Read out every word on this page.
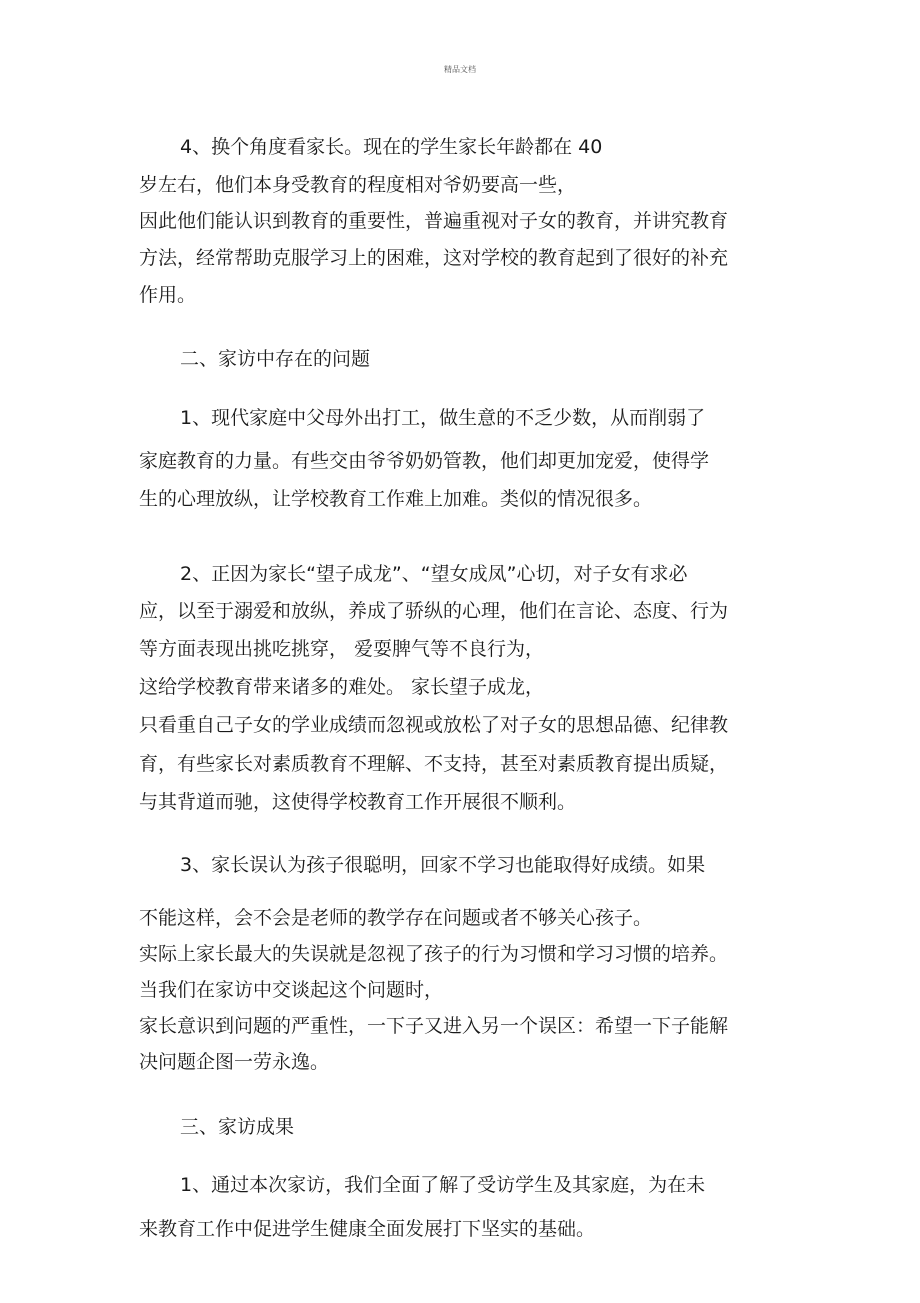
精品文档
4、换个角度看家长。现在的学生家长年龄都在 40
岁左右，他们本身受教育的程度相对爷奶要高一些，
因此他们能认识到教育的重要性，普遍重视对子女的教育，并讲究教育
方法，经常帮助克服学习上的困难，这对学校的教育起到了很好的补充
作用。
二、家访中存在的问题
1、现代家庭中父母外出打工，做生意的不乏少数，从而削弱了
家庭教育的力量。有些交由爷爷奶奶管教，他们却更加宠爱，使得学
生的心理放纵，让学校教育工作难上加难。类似的情况很多。
2、正因为家长“望子成龙”、“望女成凤”心切，对子女有求必
应，以至于溺爱和放纵，养成了骄纵的心理，他们在言论、态度、行为
等方面表现出挑吃挑穿， 爱耍脾气等不良行为，
这给学校教育带来诸多的难处。 家长望子成龙，
只看重自己子女的学业成绩而忽视或放松了对子女的思想品德、纪律教
育，有些家长对素质教育不理解、不支持，甚至对素质教育提出质疑，
与其背道而驰，这使得学校教育工作开展很不顺利。
3、家长误认为孩子很聪明，回家不学习也能取得好成绩。如果
不能这样，会不会是老师的教学存在问题或者不够关心孩子。
实际上家长最大的失误就是忽视了孩子的行为习惯和学习习惯的培养。
当我们在家访中交谈起这个问题时，
家长意识到问题的严重性，一下子又进入另一个误区：希望一下子能解
决问题企图一劳永逸。
三、家访成果
1、通过本次家访，我们全面了解了受访学生及其家庭，为在未
来教育工作中促进学生健康全面发展打下坚实的基础。
